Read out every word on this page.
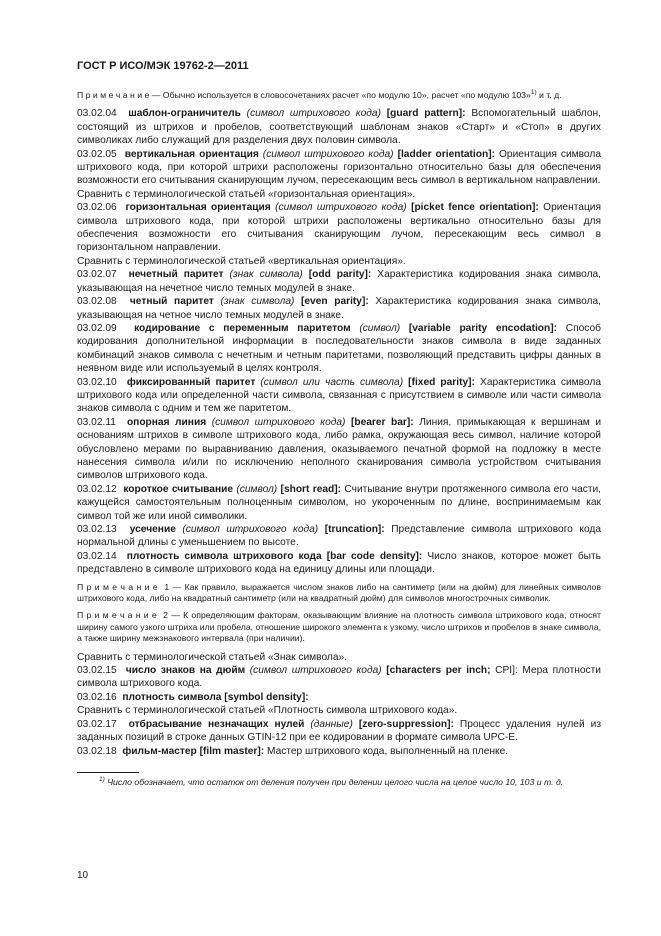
ГОСТ Р ИСО/МЭК 19762-2—2011

П р и м е ч а н и е — Обычно используется в словосочетаниях расчет «по модулю 10», расчет «по модулю 103»$^{1)}$ и т. д.

03.02.04  шаблон-ограничитель (символ штрихового кода) [guard pattern]: Вспомогательный шаблон, состоящий из штрихов и пробелов, соответствующий шаблонам знаков «Старт» и «Стоп» в других символиках либо служащий для разделения двух половин символа.

03.02.05  вертикальная ориентация (символ штрихового кода) [ladder orientation]: Ориентация символа штрихового кода, при которой штрихи расположены горизонтально относительно базы для обеспечения возможности его считывания сканирующим лучом, пересекающим весь символ в вертикальном направлении.

Сравнить с терминологической статьей «горизонтальная ориентация».

03.02.06  горизонтальная ориентация (символ штрихового кода) [picket fence orientation]: Ориентация символа штрихового кода, при которой штрихи расположены вертикально относительно базы для обеспечения возможности его считывания сканирующим лучом, пересекающим весь символ в горизонтальном направлении.

Сравнить с терминологической статьей «вертикальная ориентация».

03.02.07  нечетный паритет (знак символа) [odd parity]: Характеристика кодирования знака символа, указывающая на нечетное число темных модулей в знаке.

03.02.08  четный паритет (знак символа) [even parity]: Характеристика кодирования знака символа, указывающая на четное число темных модулей в знаке.

03.02.09  кодирование с переменным паритетом (символ) [variable parity encodation]: Способ кодирования дополнительной информации в последовательности знаков символа в виде заданных комбинаций знаков символа с нечетным и четным паритетами, позволяющий представить цифры данных в неявном виде или используемый в целях контроля.

03.02.10  фиксированный паритет (символ или часть символа) [fixed parity]: Характеристика символа штрихового кода или определенной части символа, связанная с присутствием в символе или части символа знаков символа с одним и тем же паритетом.

03.02.11  опорная линия (символ штрихового кода) [bearer bar]: Линия, примыкающая к вершинам и основаниям штрихов в символе штрихового кода, либо рамка, окружающая весь символ, наличие которой обусловлено мерами по выравниванию давления, оказываемого печатной формой на подложку в месте нанесения символа и/или по исключению неполного сканирования символа устройством считывания символов штрихового кода.

03.02.12  короткое считывание (символ) [short read]: Считывание внутри протяженного символа его части, кажущейся самостоятельным полноценным символом, но укороченным по длине, воспринимаемым как символ той же или иной символики.

03.02.13  усечение (символ штрихового кода) [truncation]: Представление символа штрихового кода нормальной длины с уменьшением по высоте.

03.02.14  плотность символа штрихового кода [bar code density]: Число знаков, которое может быть представлено в символе штрихового кода на единицу длины или площади.

П р и м е ч а н и е  1 — Как правило, выражается числом знаков либо на сантиметр (или на дюйм) для линейных символов штрихового кода, либо на квадратный сантиметр (или на квадратный дюйм) для символов многострочных символик.

П р и м е ч а н и е  2 — К определяющим факторам, оказывающим влияние на плотность символа штрихового кода, относят ширину самого узкого штриха или пробела, отношение широкого элемента к узкому, число штрихов и пробелов в знаке символа, а также ширину межзнакового интервала (при наличии).

Сравнить с терминологической статьей «Знак символа».

03.02.15  число знаков на дюйм (символ штрихового кода) [characters per inch; CPI]: Мера плотности символа штрихового кода.

03.02.16  плотность символа [symbol density]:

Сравнить с терминологической статьей «Плотность символа штрихового кода».

03.02.17  отбрасывание незначащих нулей (данные) [zero-suppression]: Процесс удаления нулей из заданных позиций в строке данных GTIN-12 при ее кодировании в формате символа UPC-E.

03.02.18  фильм-мастер [film master]: Мастер штрихового кода, выполненный на пленке.

$^{1)}$ Число обозначает, что остаток от деления получен при делении целого числа на целое число 10, 103 и т. д.

10
